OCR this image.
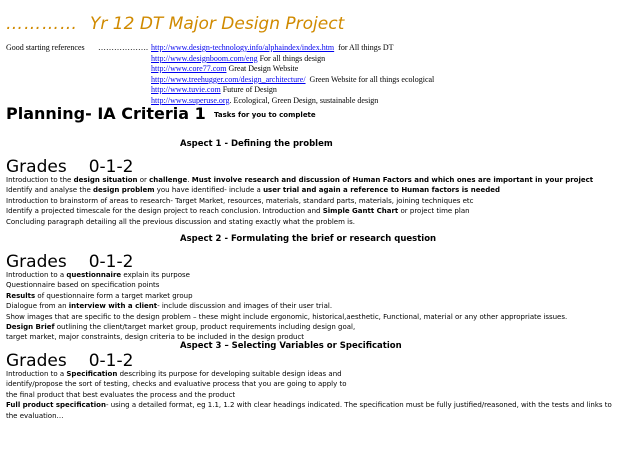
………… Yr 12 DT Major Design Project
Good starting references ………………. http://www.design-technology.info/alphaindex/index.htm for All things DT
http://www.designboom.com/eng For all things design
http://www.core77.com Great Design Website
http://www.treehugger.com/design_architecture/ Green Website for all things ecological
http://www.tuvie.com Future of Design
http://www.superuse.org. Ecological, Green Design, sustainable design
Planning- IA Criteria 1 Tasks for you to complete
Aspect 1 - Defining the problem
Grades 0-1-2
Introduction to the design situation or challenge. Must involve research and discussion of Human Factors and which ones are important in your project
Identify and analyse the design problem you have identified- include a user trial and again a reference to Human factors is needed
Introduction to brainstorm of areas to research- Target Market, resources, materials, standard parts, materials, joining techniques etc
Identify a projected timescale for the design project to reach conclusion. Introduction and Simple Gantt Chart or project time plan
Concluding paragraph detailing all the previous discussion and stating exactly what the problem is.
Aspect 2 - Formulating the brief or research question
Grades 0-1-2
Introduction to a questionnaire explain its purpose
Questionnaire based on specification points
Results of questionnaire form a target market group
Dialogue from an interview with a client- include discussion and images of their user trial.
Show images that are specific to the design problem – these might include ergonomic, historical,aesthetic, Functional, material or any other appropriate issues.
Design Brief outlining the client/target market group, product requirements including design goal,
target market, major constraints, design criteria to be included in the design product
Aspect 3 – Selecting Variables or Specification
Grades 0-1-2
Introduction to a Specification describing its purpose for developing suitable design ideas and
identify/propose the sort of testing, checks and evaluative process that you are going to apply to
the final product that best evaluates the process and the product
Full product specification- using a detailed format, eg 1.1, 1.2 with clear headings indicated. The specification must be fully justified/reasoned, with the tests and links to
the evaluation…
